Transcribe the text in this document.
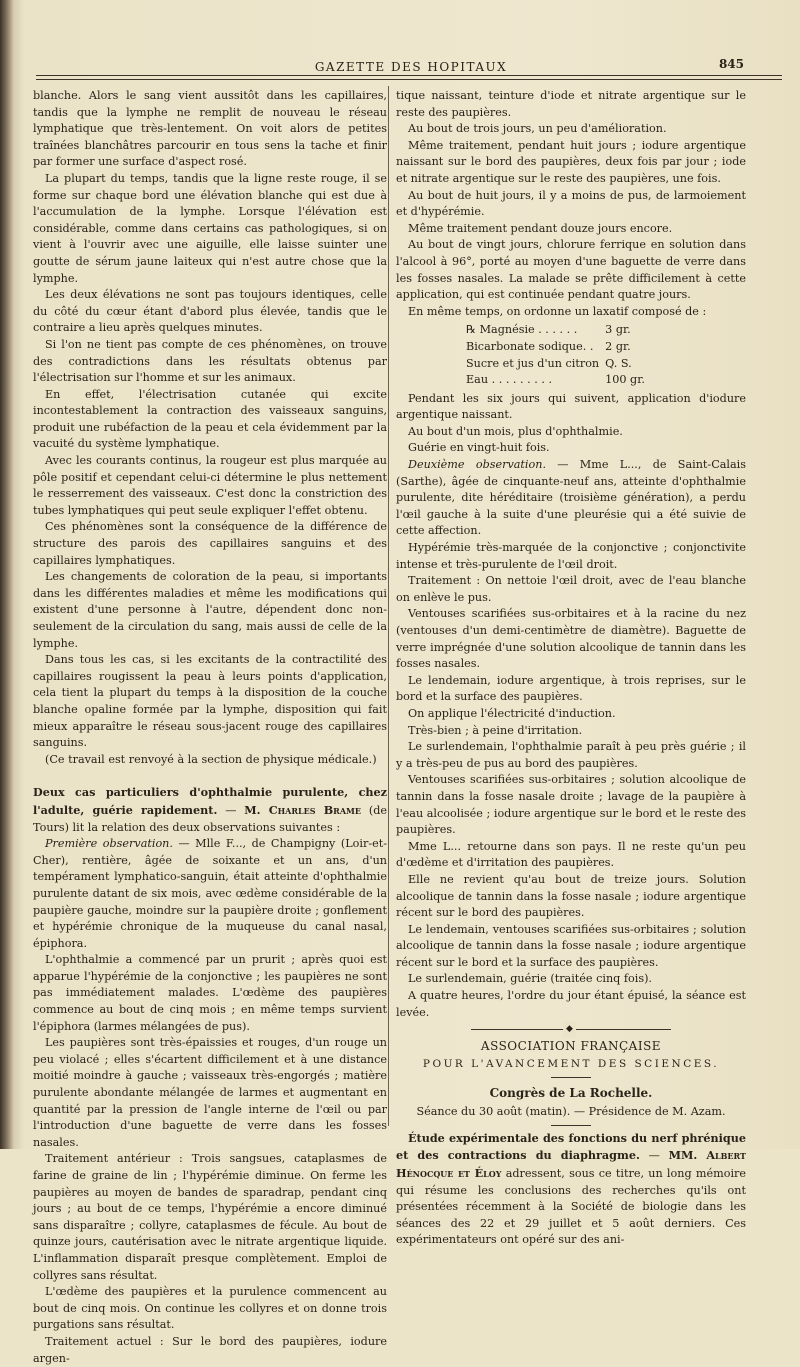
GAZETTE DES HOPITAUX	845

blanche. Alors le sang vient aussitôt dans les capillaires, tandis que la lymphe ne remplit de nouveau le réseau lymphatique que très-lentement. On voit alors de petites traînées blanchâtres parcourir en tous sens la tache et finir par former une surface d'aspect rosé.

La plupart du temps, tandis que la ligne reste rouge, il se forme sur chaque bord une élévation blanche qui est due à l'accumulation de la lymphe. Lorsque l'élévation est considérable, comme dans certains cas pathologiques, si on vient à l'ouvrir avec une aiguille, elle laisse suinter une goutte de sérum jaune laiteux qui n'est autre chose que la lymphe.

Les deux élévations ne sont pas toujours identiques, celle du côté du cœur étant d'abord plus élevée, tandis que le contraire a lieu après quelques minutes.

Si l'on ne tient pas compte de ces phénomènes, on trouve des contradictions dans les résultats obtenus par l'électrisation sur l'homme et sur les animaux.

En effet, l'électrisation cutanée qui excite incontestablement la contraction des vaisseaux sanguins, produit une rubéfaction de la peau et cela évidemment par la vacuité du système lymphatique.

Avec les courants continus, la rougeur est plus marquée au pôle positif et cependant celui-ci détermine le plus nettement le resserrement des vaisseaux. C'est donc la constriction des tubes lymphatiques qui peut seule expliquer l'effet obtenu.

Ces phénomènes sont la conséquence de la différence de structure des parois des capillaires sanguins et des capillaires lymphatiques.

Les changements de coloration de la peau, si importants dans les différentes maladies et même les modifications qui existent d'une personne à l'autre, dépendent donc non-seulement de la circulation du sang, mais aussi de celle de la lymphe.

Dans tous les cas, si les excitants de la contractilité des capillaires rougissent la peau à leurs points d'application, cela tient la plupart du temps à la disposition de la couche blanche opaline formée par la lymphe, disposition qui fait mieux apparaître le réseau sous-jacent rouge des capillaires sanguins.

(Ce travail est renvoyé à la section de physique médicale.)

Deux cas particuliers d'ophthalmie purulente, chez l'adulte, guérie rapidement. — M. Charles Brame (de Tours) lit la relation des deux observations suivantes :

Première observation. — Mlle F..., de Champigny (Loir-et-Cher), rentière, âgée de soixante et un ans, d'un tempérament lymphatico-sanguin, était atteinte d'ophthalmie purulente datant de six mois, avec œdème considérable de la paupière gauche, moindre sur la paupière droite ; gonflement et hypérémie chronique de la muqueuse du canal nasal, épiphora.

L'ophthalmie a commencé par un prurit ; après quoi est apparue l'hypérémie de la conjonctive ; les paupières ne sont pas immédiatement malades. L'œdème des paupières commence au bout de cinq mois ; en même temps survient l'épiphora (larmes mélangées de pus).

Les paupières sont très-épaissies et rouges, d'un rouge un peu violacé ; elles s'écartent difficilement et à une distance moitié moindre à gauche ; vaisseaux très-engorgés ; matière purulente abondante mélangée de larmes et augmentant en quantité par la pression de l'angle interne de l'œil ou par l'introduction d'une baguette de verre dans les fosses nasales.

Traitement antérieur : Trois sangsues, cataplasmes de farine de graine de lin ; l'hypérémie diminue. On ferme les paupières au moyen de bandes de sparadrap, pendant cinq jours ; au bout de ce temps, l'hypérémie a encore diminué sans disparaître ; collyre, cataplasmes de fécule. Au bout de quinze jours, cautérisation avec le nitrate argentique liquide. L'inflammation disparaît presque complètement. Emploi de collyres sans résultat.

L'œdème des paupières et la purulence commencent au bout de cinq mois. On continue les collyres et on donne trois purgations sans résultat.

Traitement actuel : Sur le bord des paupières, iodure argen-

tique naissant, teinture d'iode et nitrate argentique sur le reste des paupières.

Au bout de trois jours, un peu d'amélioration.

Même traitement, pendant huit jours ; iodure argentique naissant sur le bord des paupières, deux fois par jour ; iode et nitrate argentique sur le reste des paupières, une fois.

Au bout de huit jours, il y a moins de pus, de larmoiement et d'hypérémie.

Même traitement pendant douze jours encore.

Au bout de vingt jours, chlorure ferrique en solution dans l'alcool à 96°, porté au moyen d'une baguette de verre dans les fosses nasales. La malade se prête difficilement à cette application, qui est continuée pendant quatre jours.

En même temps, on ordonne un laxatif composé de :

℞ Magnésie . . . . . .	3 gr.
Bicarbonate sodique. .	2 gr.
Sucre et jus d'un citron	Q. S.
Eau . . . . . . . . .	100 gr.

Pendant les six jours qui suivent, application d'iodure argentique naissant.

Au bout d'un mois, plus d'ophthalmie.

Guérie en vingt-huit fois.

Deuxième observation. — Mme L..., de Saint-Calais (Sarthe), âgée de cinquante-neuf ans, atteinte d'ophthalmie purulente, dite héréditaire (troisième génération), a perdu l'œil gauche à la suite d'une pleurésie qui a été suivie de cette affection.

Hypérémie très-marquée de la conjonctive ; conjonctivite intense et très-purulente de l'œil droit.

Traitement : On nettoie l'œil droit, avec de l'eau blanche on enlève le pus.

Ventouses scarifiées sus-orbitaires et à la racine du nez (ventouses d'un demi-centimètre de diamètre). Baguette de verre imprégnée d'une solution alcoolique de tannin dans les fosses nasales.

Le lendemain, iodure argentique, à trois reprises, sur le bord et la surface des paupières.

On applique l'électricité d'induction.

Très-bien ; à peine d'irritation.

Le surlendemain, l'ophthalmie paraît à peu près guérie ; il y a très-peu de pus au bord des paupières.

Ventouses scarifiées sus-orbitaires ; solution alcoolique de tannin dans la fosse nasale droite ; lavage de la paupière à l'eau alcoolisée ; iodure argentique sur le bord et le reste des paupières.

Mme L... retourne dans son pays. Il ne reste qu'un peu d'œdème et d'irritation des paupières.

Elle ne revient qu'au bout de treize jours. Solution alcoolique de tannin dans la fosse nasale ; iodure argentique récent sur le bord des paupières.

Le lendemain, ventouses scarifiées sus-orbitaires ; solution alcoolique de tannin dans la fosse nasale ; iodure argentique récent sur le bord et la surface des paupières.

Le surlendemain, guérie (traitée cinq fois).

A quatre heures, l'ordre du jour étant épuisé, la séance est levée.

◆
ASSOCIATION FRANÇAISE
POUR L'AVANCEMENT DES SCIENCES.
Congrès de La Rochelle.

Séance du 30 août (matin). — Présidence de M. Azam.

Étude expérimentale des fonctions du nerf phrénique et des contractions du diaphragme. — MM. Albert Hénocque et Éloy adressent, sous ce titre, un long mémoire qui résume les conclusions des recherches qu'ils ont présentées récemment à la Société de biologie dans les séances des 22 et 29 juillet et 5 août derniers. Ces expérimentateurs ont opéré sur des ani-
